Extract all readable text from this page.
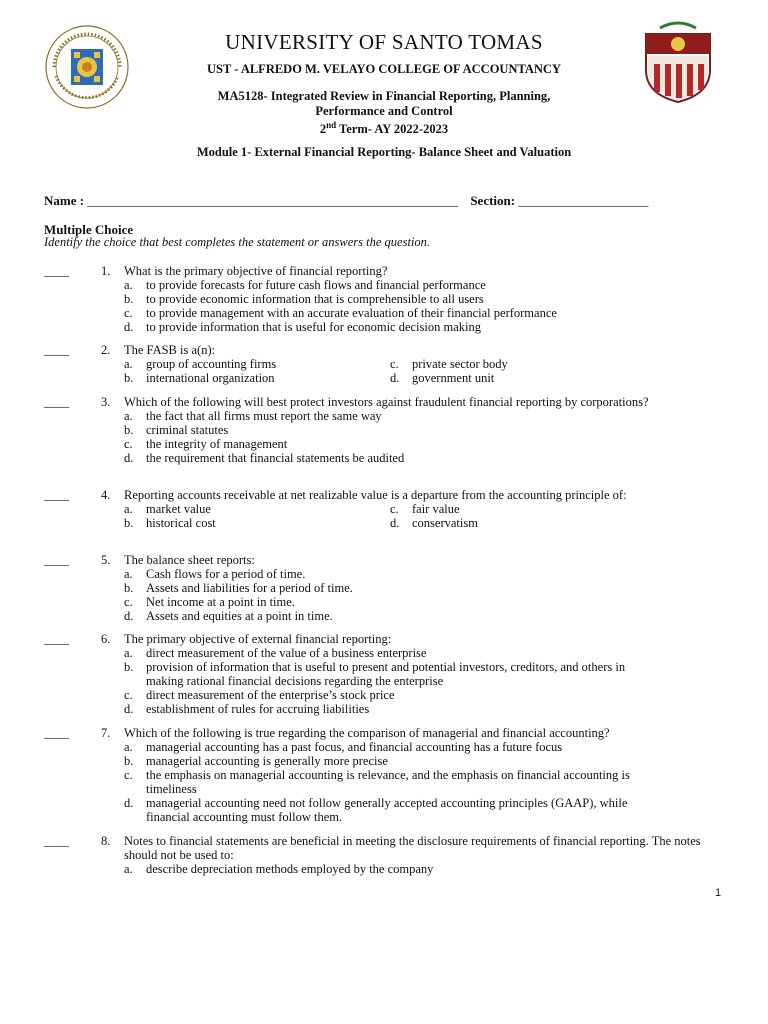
UNIVERSITY OF SANTO TOMAS
UST - ALFREDO M. VELAYO COLLEGE OF ACCOUNTANCY
MA5128- Integrated Review in Financial Reporting, Planning,
Performance and Control
2nd Term- AY 2022-2023
Module 1- External Financial Reporting- Balance Sheet and Valuation
Name : _________________________________________________________ Section: ____________________
Multiple Choice
Identify the choice that best completes the statement or answers the question.
____	1. What is the primary objective of financial reporting?
a. to provide forecasts for future cash flows and financial performance
b. to provide economic information that is comprehensible to all users
c. to provide management with an accurate evaluation of their financial performance
d. to provide information that is useful for economic decision making
____	2. The FASB is a(n):
a. group of accounting firms	c. private sector body
b. international organization	d. government unit
____	3. Which of the following will best protect investors against fraudulent financial reporting by corporations?
a. the fact that all firms must report the same way
b. criminal statutes
c. the integrity of management
d. the requirement that financial statements be audited
____	4. Reporting accounts receivable at net realizable value is a departure from the accounting principle of:
a. market value	c. fair value
b. historical cost	d. conservatism
____	5. The balance sheet reports:
a. Cash flows for a period of time.
b. Assets and liabilities for a period of time.
c. Net income at a point in time.
d. Assets and equities at a point in time.
____	6. The primary objective of external financial reporting:
a. direct measurement of the value of a business enterprise
b. provision of information that is useful to present and potential investors, creditors, and others in making rational financial decisions regarding the enterprise
c. direct measurement of the enterprise’s stock price
d. establishment of rules for accruing liabilities
____	7. Which of the following is true regarding the comparison of managerial and financial accounting?
a. managerial accounting has a past focus, and financial accounting has a future focus
b. managerial accounting is generally more precise
c. the emphasis on managerial accounting is relevance, and the emphasis on financial accounting is timeliness
d. managerial accounting need not follow generally accepted accounting principles (GAAP), while financial accounting must follow them.
____	8. Notes to financial statements are beneficial in meeting the disclosure requirements of financial reporting. The notes should not be used to:
a. describe depreciation methods employed by the company
1
